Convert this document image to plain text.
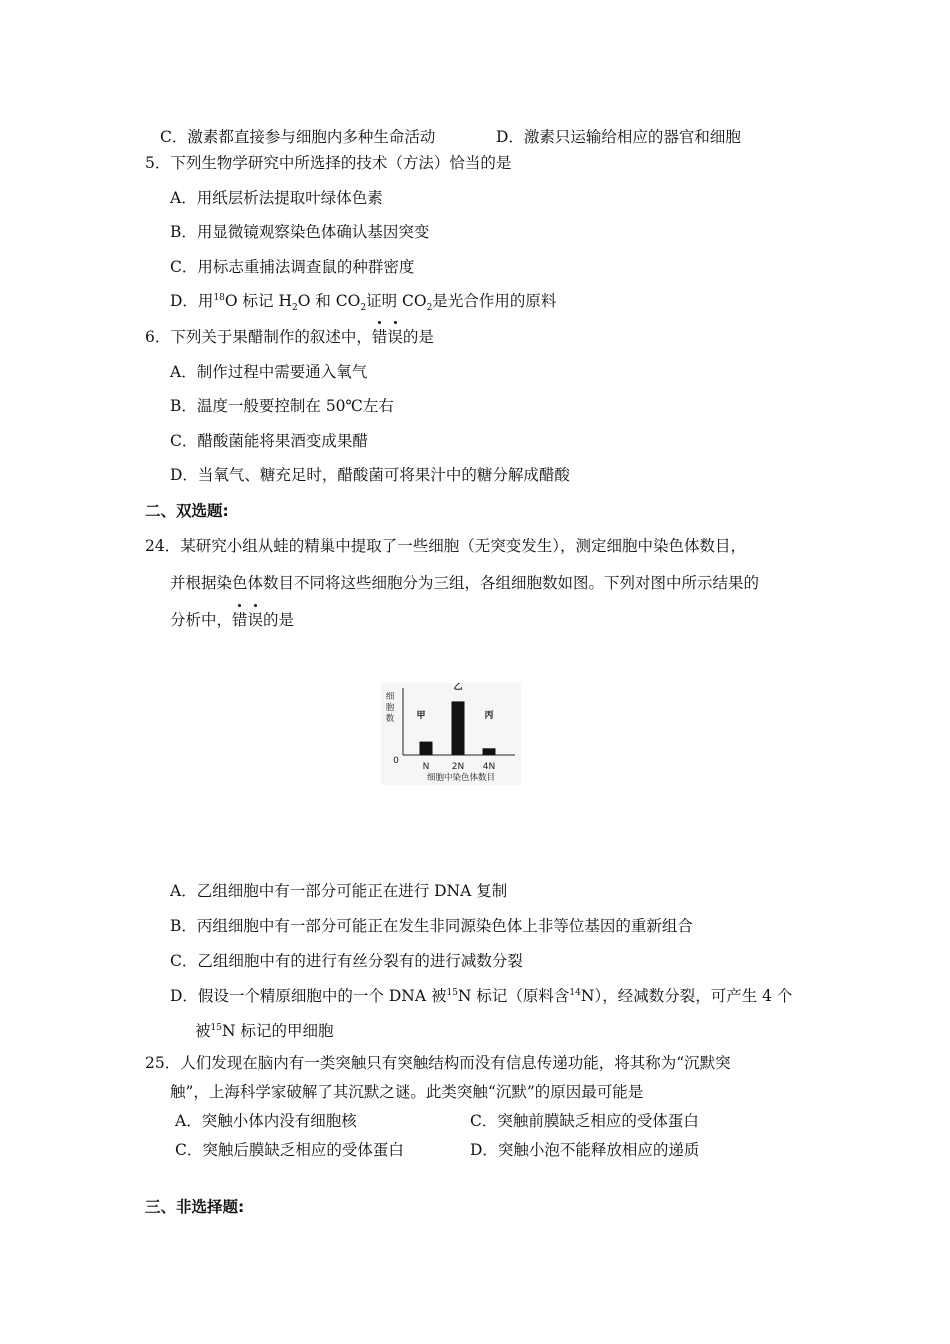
C．激素都直接参与细胞内多种生命活动	D．激素只运输给相应的器官和细胞
5．下列生物学研究中所选择的技术（方法）恰当的是
A．用纸层析法提取叶绿体色素
B．用显微镜观察染色体确认基因突变
C．用标志重捕法调查鼠的种群密度
D．用$^{18}$O 标记 $H_2O$ 和 $CO_2$证明 $CO_2$是光合作用的原料
6．下列关于果醋制作的叙述中，错误的是
A．制作过程中需要通入氧气
B．温度一般要控制在 50℃左右
C．醋酸菌能将果酒变成果醋
D．当氧气、糖充足时，醋酸菌可将果汁中的糖分解成醋酸
二、双选题:
24．某研究小组从蛙的精巢中提取了一些细胞（无突变发生），测定细胞中染色体数目，
并根据染色体数目不同将这些细胞分为三组，各组细胞数如图。下列对图中所示结果的
分析中，错误的是
细
胞
数
0
N 2N 4N
甲
乙
丙
细胞中染色体数目
A．乙组细胞中有一部分可能正在进行 DNA 复制
B．丙组细胞中有一部分可能正在发生非同源染色体上非等位基因的重新组合
C．乙组细胞中有的进行有丝分裂有的进行减数分裂
D．假设一个精原细胞中的一个 DNA 被$^{15}$N 标记（原料含$^{14}$N），经减数分裂，可产生 4 个
被$^{15}$N 标记的甲细胞
25．人们发现在脑内有一类突触只有突触结构而没有信息传递功能，将其称为“沉默突
触”，上海科学家破解了其沉默之谜。此类突触“沉默”的原因最可能是
A．突触小体内没有细胞核	C．突触前膜缺乏相应的受体蛋白
C．突触后膜缺乏相应的受体蛋白	D．突触小泡不能释放相应的递质
三、非选择题:
